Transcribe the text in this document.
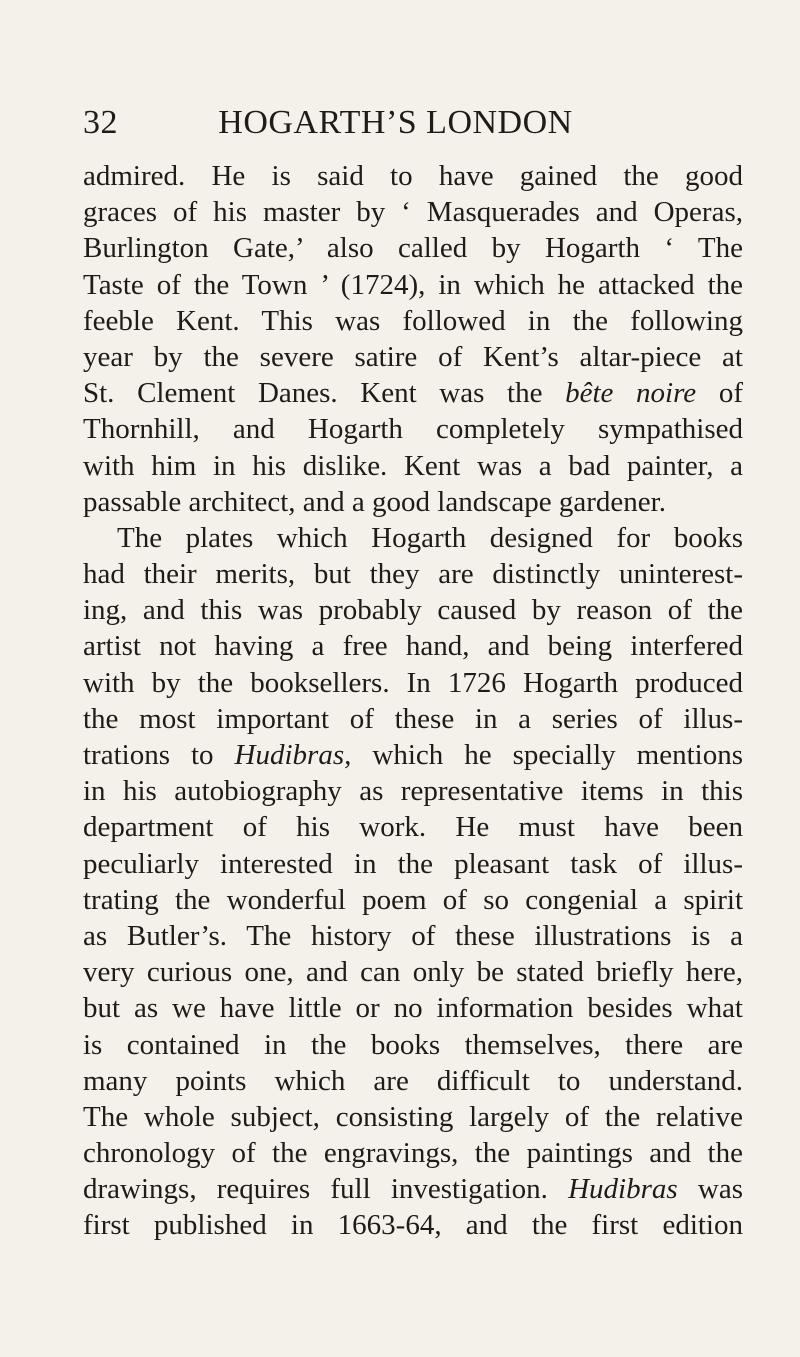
32	HOGARTH’S LONDON
admired. He is said to have gained the good
graces of his master by ‘ Masquerades and Operas,
Burlington Gate,’ also called by Hogarth ‘ The
Taste of the Town ’ (1724), in which he attacked the
feeble Kent. This was followed in the following
year by the severe satire of Kent’s altar-piece at
St. Clement Danes. Kent was the bête noire of
Thornhill, and Hogarth completely sympathised
with him in his dislike. Kent was a bad painter, a
passable architect, and a good landscape gardener.
The plates which Hogarth designed for books
had their merits, but they are distinctly uninterest-
ing, and this was probably caused by reason of the
artist not having a free hand, and being interfered
with by the booksellers. In 1726 Hogarth produced
the most important of these in a series of illus-
trations to Hudibras, which he specially mentions
in his autobiography as representative items in this
department of his work. He must have been
peculiarly interested in the pleasant task of illus-
trating the wonderful poem of so congenial a spirit
as Butler’s. The history of these illustrations is a
very curious one, and can only be stated briefly here,
but as we have little or no information besides what
is contained in the books themselves, there are
many points which are difficult to understand.
The whole subject, consisting largely of the relative
chronology of the engravings, the paintings and the
drawings, requires full investigation. Hudibras was
first published in 1663-64, and the first edition
